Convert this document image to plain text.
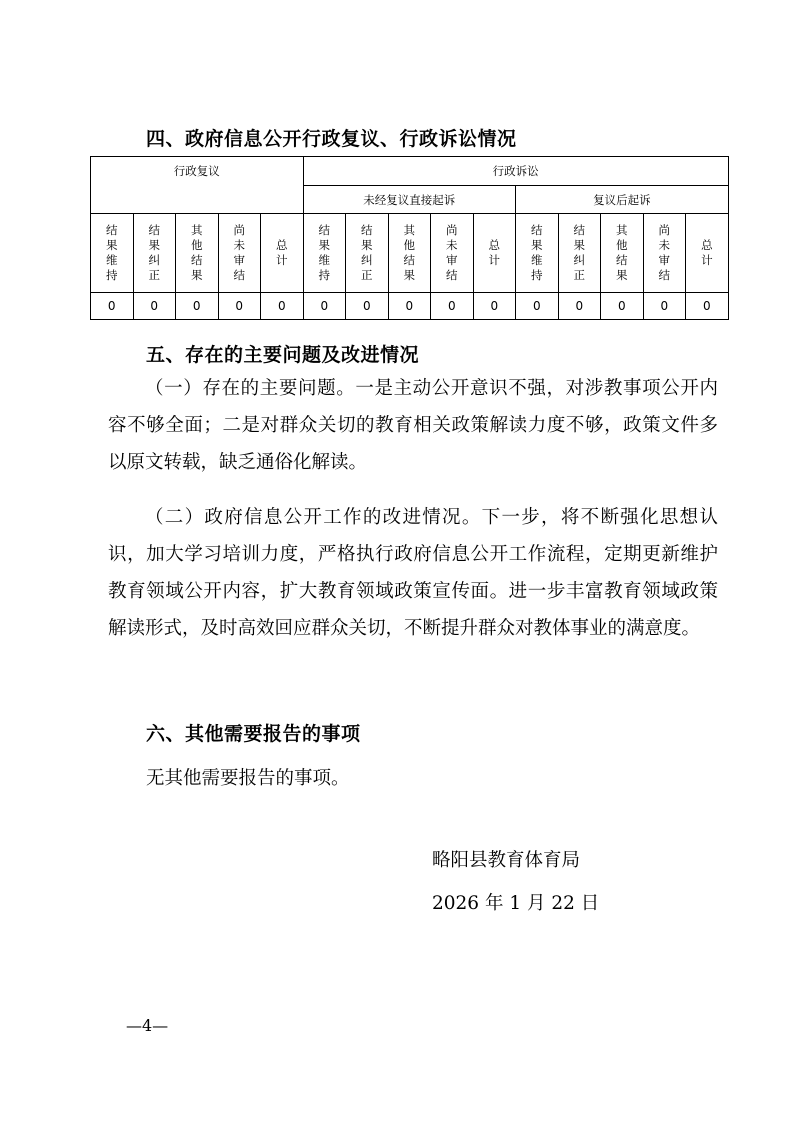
四、政府信息公开行政复议、行政诉讼情况
行政复议					行政诉讼									
					未经复议直接起诉					复议后起诉				
结果维持	结果纠正	其他结果	尚未审结	总计	结果维持	结果纠正	其他结果	尚未审结	总计	结果维持	结果纠正	其他结果	尚未审结	总计
0	0	0	0	0	0	0	0	0	0	0	0	0	0	0
五、存在的主要问题及改进情况
（一）存在的主要问题。一是主动公开意识不强，对涉教事项公开内容不够全面；二是对群众关切的教育相关政策解读力度不够，政策文件多以原文转载，缺乏通俗化解读。
（二）政府信息公开工作的改进情况。下一步，将不断强化思想认识，加大学习培训力度，严格执行政府信息公开工作流程，定期更新维护教育领域公开内容，扩大教育领域政策宣传面。进一步丰富教育领域政策解读形式，及时高效回应群众关切，不断提升群众对教体事业的满意度。
六、其他需要报告的事项
无其他需要报告的事项。
略阳县教育体育局
2026 年 1 月 22 日
—4—
